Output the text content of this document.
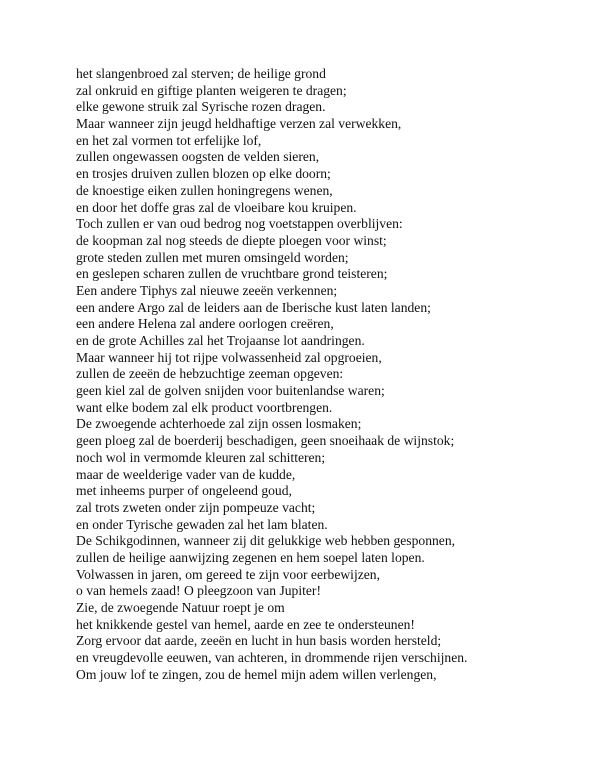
het slangenbroed zal sterven; de heilige grond
zal onkruid en giftige planten weigeren te dragen;
elke gewone struik zal Syrische rozen dragen.
Maar wanneer zijn jeugd heldhaftige verzen zal verwekken,
en het zal vormen tot erfelijke lof,
zullen ongewassen oogsten de velden sieren,
en trosjes druiven zullen blozen op elke doorn;
de knoestige eiken zullen honingregens wenen,
en door het doffe gras zal de vloeibare kou kruipen.
Toch zullen er van oud bedrog nog voetstappen overblijven:
de koopman zal nog steeds de diepte ploegen voor winst;
grote steden zullen met muren omsingeld worden;
en geslepen scharen zullen de vruchtbare grond teisteren;
Een andere Tiphys zal nieuwe zeeën verkennen;
een andere Argo zal de leiders aan de Iberische kust laten landen;
een andere Helena zal andere oorlogen creëren,
en de grote Achilles zal het Trojaanse lot aandringen.
Maar wanneer hij tot rijpe volwassenheid zal opgroeien,
zullen de zeeën de hebzuchtige zeeman opgeven:
geen kiel zal de golven snijden voor buitenlandse waren;
want elke bodem zal elk product voortbrengen.
De zwoegende achterhoede zal zijn ossen losmaken;
geen ploeg zal de boerderij beschadigen, geen snoeihaak de wijnstok;
noch wol in vermomde kleuren zal schitteren;
maar de weelderige vader van de kudde,
met inheems purper of ongeleend goud,
zal trots zweten onder zijn pompeuze vacht;
en onder Tyrische gewaden zal het lam blaten.
De Schikgodinnen, wanneer zij dit gelukkige web hebben gesponnen,
zullen de heilige aanwijzing zegenen en hem soepel laten lopen.
Volwassen in jaren, om gereed te zijn voor eerbewijzen,
o van hemels zaad! O pleegzoon van Jupiter!
Zie, de zwoegende Natuur roept je om
het knikkende gestel van hemel, aarde en zee te ondersteunen!
Zorg ervoor dat aarde, zeeën en lucht in hun basis worden hersteld;
en vreugdevolle eeuwen, van achteren, in drommende rijen verschijnen.
Om jouw lof te zingen, zou de hemel mijn adem willen verlengen,
